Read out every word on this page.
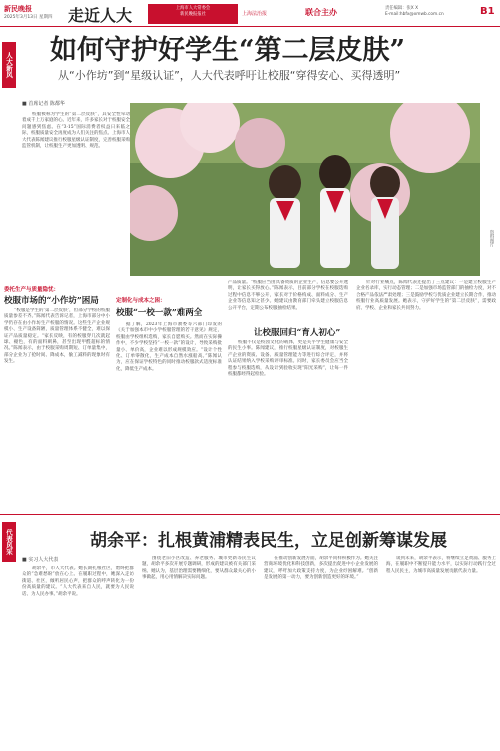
新民晚报
2025年3月13日 星期四 走近人大	上海市人大常委会
新民晚报报社	上海法治报	联合主办	责任编辑：张X X
E-mail:hbfx@xmwb.com.cn	B1
人大新风 如何守护好学生“第二层皮肤”
从“小作坊”到“星级认证”，人大代表呼吁让校服“穿得安心、买得透明”
■ 首席记者 陈都华
校服被称为学生的“第二层皮肤”，其安全性牵动着成千上万家庭的心。近年来，许多家长对于校服安全问题感到焦虑。在“3·15”国际消费者权益日来临之际，校服质量安全再度成为人们关注的焦点。上海市人大代表陈闻建议推行校服星级认证制度，完善校服采购监管机制，让校服生产更加透明、规范。
资料图片
委托生产与质量隐忧：
校服市场的“小作坊”困局
“校服是学生的‘第二层皮肤’，但部分学校的校服质量参差不齐。”陈闻代表告诉记者，上海市部分中小学仍存在由小作坊生产校服的情况。这些生产企业规模小、生产设备简陋，质量管理体系不健全，难以保证产品质量稳定。“家长反映，有的校服穿几次就起球、褪色，有的面料刺鼻，甚至出现甲醛超标的情况。”陈闻表示，由于校服采购周期短、订单量集中，部分企业为了抢时间、降成本，偷工减料的现象时有发生。
定制化与成本之困：
校服“一校一款”难两全
据了解，2023年上海市教委等六部门印发的《关于加强本市中小学校服管理的若干意见》规定，校服由学校组织选购，家长自愿购买。然而在实际操作中，不少学校坚持“一校一款”的设计，导致采购批量小、单价高，企业难以形成规模效应。“设计个性化、订单零散化，生产成本自然水涨船高。”陈闻认为，应在保证学校特色的同时推动校服款式适度标准化，降低生产成本。
产品质量。“校服应当由具备资质的企业生产，信息要公开透明，让家长买得放心。”陈闻表示，目前部分学校在校服选购过程中信息不够公开，家长对于价格构成、面料成分、生产企业等信息知之甚少。她建议由教育部门牵头建立校服信息公开平台，定期公布校服抽检结果。
让校服回归“育人初心”
校服不仅是校园文化的载体，更是关乎学生健康与安全的民生小事。陈闻建议，推行校服星级认证制度，对校服生产企业的资质、设备、质量管理能力等进行综合评定，并将认证结果纳入学校采购评审标准。同时，家长委员会应当全程参与校服选购，从设计到验收实现“阳光采购”，让每一件校服都经得起检验。
针对行业痛点，陈闻代表还提出了三点建议：一是建立校服生产企业名录库，实行动态管理；二是加强市场监管部门的抽检力度，对不合格产品依法严肃处理；三是鼓励学校与优质企业建立长期合作，推动校服行业高质量发展。她表示，守护好学生的“第二层皮肤”，需要政府、学校、企业和家长共同努力。
代表风采	胡余平：扎根黄浦精表民生，立足创新筹谋发展
■ 实习人大代表
胡余平，市人大代表。她长期扎根社区，始终把群众的“急难愁盼”放在心上。在履职过程中，她深入走访街道、社区，倾听居民心声，把群众的呼声转化为一份份高质量的建议。“人大代表来自人民，就要为人民说话、为人民办事。”胡余平说。
围绕老旧小区改造、养老服务、城市更新等民生议题，胡余平多次开展专题调研，形成的建议被有关部门采纳。她认为，基层治理需要精细化，要从群众最关心的小事做起，用心用情解决实际问题。
在推动创新发展方面，胡余平同样积极作为。她关注营商环境优化和科技创新，多次提出促进中小企业发展的建议，呼吁加大政策支持力度，为企业纾困解难。“创新是发展的第一动力，要为创新创造更好的环境。”
谈到未来，胡余平表示，将继续立足黄浦、服务上海，在履职中不断提升能力水平，以实际行动践行全过程人民民主，为城市高质量发展贡献代表力量。
